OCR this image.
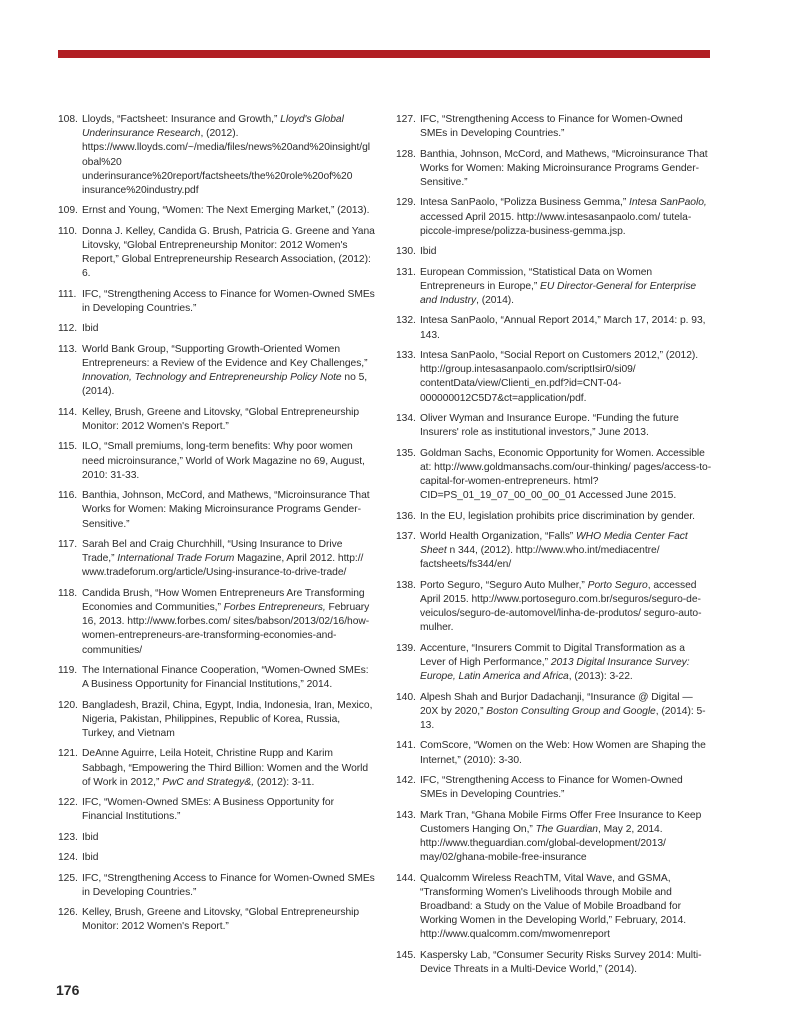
108. Lloyds, “Factsheet: Insurance and Growth,” Lloyd's Global Underinsurance Research, (2012). https://www.lloyds.com/~/media/files/news%20and%20insight/global%20 underinsurance%20report/factsheets/the%20role%20of%20 insurance%20industry.pdf
109. Ernst and Young, “Women: The Next Emerging Market,” (2013).
110. Donna J. Kelley, Candida G. Brush, Patricia G. Greene and Yana Litovsky, “Global Entrepreneurship Monitor: 2012 Women's Report,” Global Entrepreneurship Research Association, (2012): 6.
111. IFC, “Strengthening Access to Finance for Women-Owned SMEs in Developing Countries.”
112. Ibid
113. World Bank Group, “Supporting Growth-Oriented Women Entrepreneurs: a Review of the Evidence and Key Challenges,” Innovation, Technology and Entrepreneurship Policy Note no 5, (2014).
114. Kelley, Brush, Greene and Litovsky, “Global Entrepreneurship Monitor: 2012 Women's Report.”
115. ILO, “Small premiums, long-term benefits: Why poor women need microinsurance,” World of Work Magazine no 69, August, 2010: 31-33.
116. Banthia, Johnson, McCord, and Mathews, “Microinsurance That Works for Women: Making Microinsurance Programs Gender-Sensitive.”
117. Sarah Bel and Craig Churchhill, “Using Insurance to Drive Trade,” International Trade Forum Magazine, April 2012. http:// www.tradeforum.org/article/Using-insurance-to-drive-trade/
118. Candida Brush, “How Women Entrepreneurs Are Transforming Economies and Communities,” Forbes Entrepreneurs, February 16, 2013. http://www.forbes.com/ sites/babson/2013/02/16/how-women-entrepreneurs-are-transforming-economies-and-communities/
119. The International Finance Cooperation, “Women-Owned SMEs: A Business Opportunity for Financial Institutions,” 2014.
120. Bangladesh, Brazil, China, Egypt, India, Indonesia, Iran, Mexico, Nigeria, Pakistan, Philippines, Republic of Korea, Russia, Turkey, and Vietnam
121. DeAnne Aguirre, Leila Hoteit, Christine Rupp and Karim Sabbagh, “Empowering the Third Billion: Women and the World of Work in 2012,” PwC and Strategy&, (2012): 3-11.
122. IFC, “Women-Owned SMEs: A Business Opportunity for Financial Institutions.”
123. Ibid
124. Ibid
125. IFC, “Strengthening Access to Finance for Women-Owned SMEs in Developing Countries.”
126. Kelley, Brush, Greene and Litovsky, “Global Entrepreneurship Monitor: 2012 Women's Report.”
127. IFC, “Strengthening Access to Finance for Women-Owned SMEs in Developing Countries.”
128. Banthia, Johnson, McCord, and Mathews, “Microinsurance That Works for Women: Making Microinsurance Programs Gender-Sensitive.”
129. Intesa SanPaolo, “Polizza Business Gemma,” Intesa SanPaolo, accessed April 2015. http://www.intesasanpaolo.com/ tutela-piccole-imprese/polizza-business-gemma.jsp.
130. Ibid
131. European Commission, “Statistical Data on Women Entrepreneurs in Europe,” EU Director-General for Enterprise and Industry, (2014).
132. Intesa SanPaolo, “Annual Report 2014,” March 17, 2014: p. 93, 143.
133. Intesa SanPaolo, “Social Report on Customers 2012,” (2012). http://group.intesasanpaolo.com/scriptIsir0/si09/ contentData/view/Clienti_en.pdf?id=CNT-04-000000012C5D7&ct=application/pdf.
134. Oliver Wyman and Insurance Europe. “Funding the future Insurers' role as institutional investors,” June 2013.
135. Goldman Sachs, Economic Opportunity for Women. Accessible at: http://www.goldmansachs.com/our-thinking/ pages/access-to-capital-for-women-entrepreneurs. html?CID=PS_01_19_07_00_00_00_01 Accessed June 2015.
136. In the EU, legislation prohibits price discrimination by gender.
137. World Health Organization, “Falls” WHO Media Center Fact Sheet n 344, (2012). http://www.who.int/mediacentre/ factsheets/fs344/en/
138. Porto Seguro, “Seguro Auto Mulher,” Porto Seguro, accessed April 2015. http://www.portoseguro.com.br/seguros/seguro-de-veiculos/seguro-de-automovel/linha-de-produtos/ seguro-auto-mulher.
139. Accenture, “Insurers Commit to Digital Transformation as a Lever of High Performance,” 2013 Digital Insurance Survey: Europe, Latin America and Africa, (2013): 3-22.
140. Alpesh Shah and Burjor Dadachanji, “Insurance @ Digital — 20X by 2020,” Boston Consulting Group and Google, (2014): 5-13.
141. ComScore, “Women on the Web: How Women are Shaping the Internet,” (2010): 3-30.
142. IFC, “Strengthening Access to Finance for Women-Owned SMEs in Developing Countries.”
143. Mark Tran, “Ghana Mobile Firms Offer Free Insurance to Keep Customers Hanging On,” The Guardian, May 2, 2014. http://www.theguardian.com/global-development/2013/ may/02/ghana-mobile-free-insurance
144. Qualcomm Wireless ReachTM, Vital Wave, and GSMA, “Transforming Women's Livelihoods through Mobile and Broadband: a Study on the Value of Mobile Broadband for Working Women in the Developing World,” February, 2014. http://www.qualcomm.com/mwomenreport
145. Kaspersky Lab, “Consumer Security Risks Survey 2014: Multi-Device Threats in a Multi-Device World,” (2014).
176
